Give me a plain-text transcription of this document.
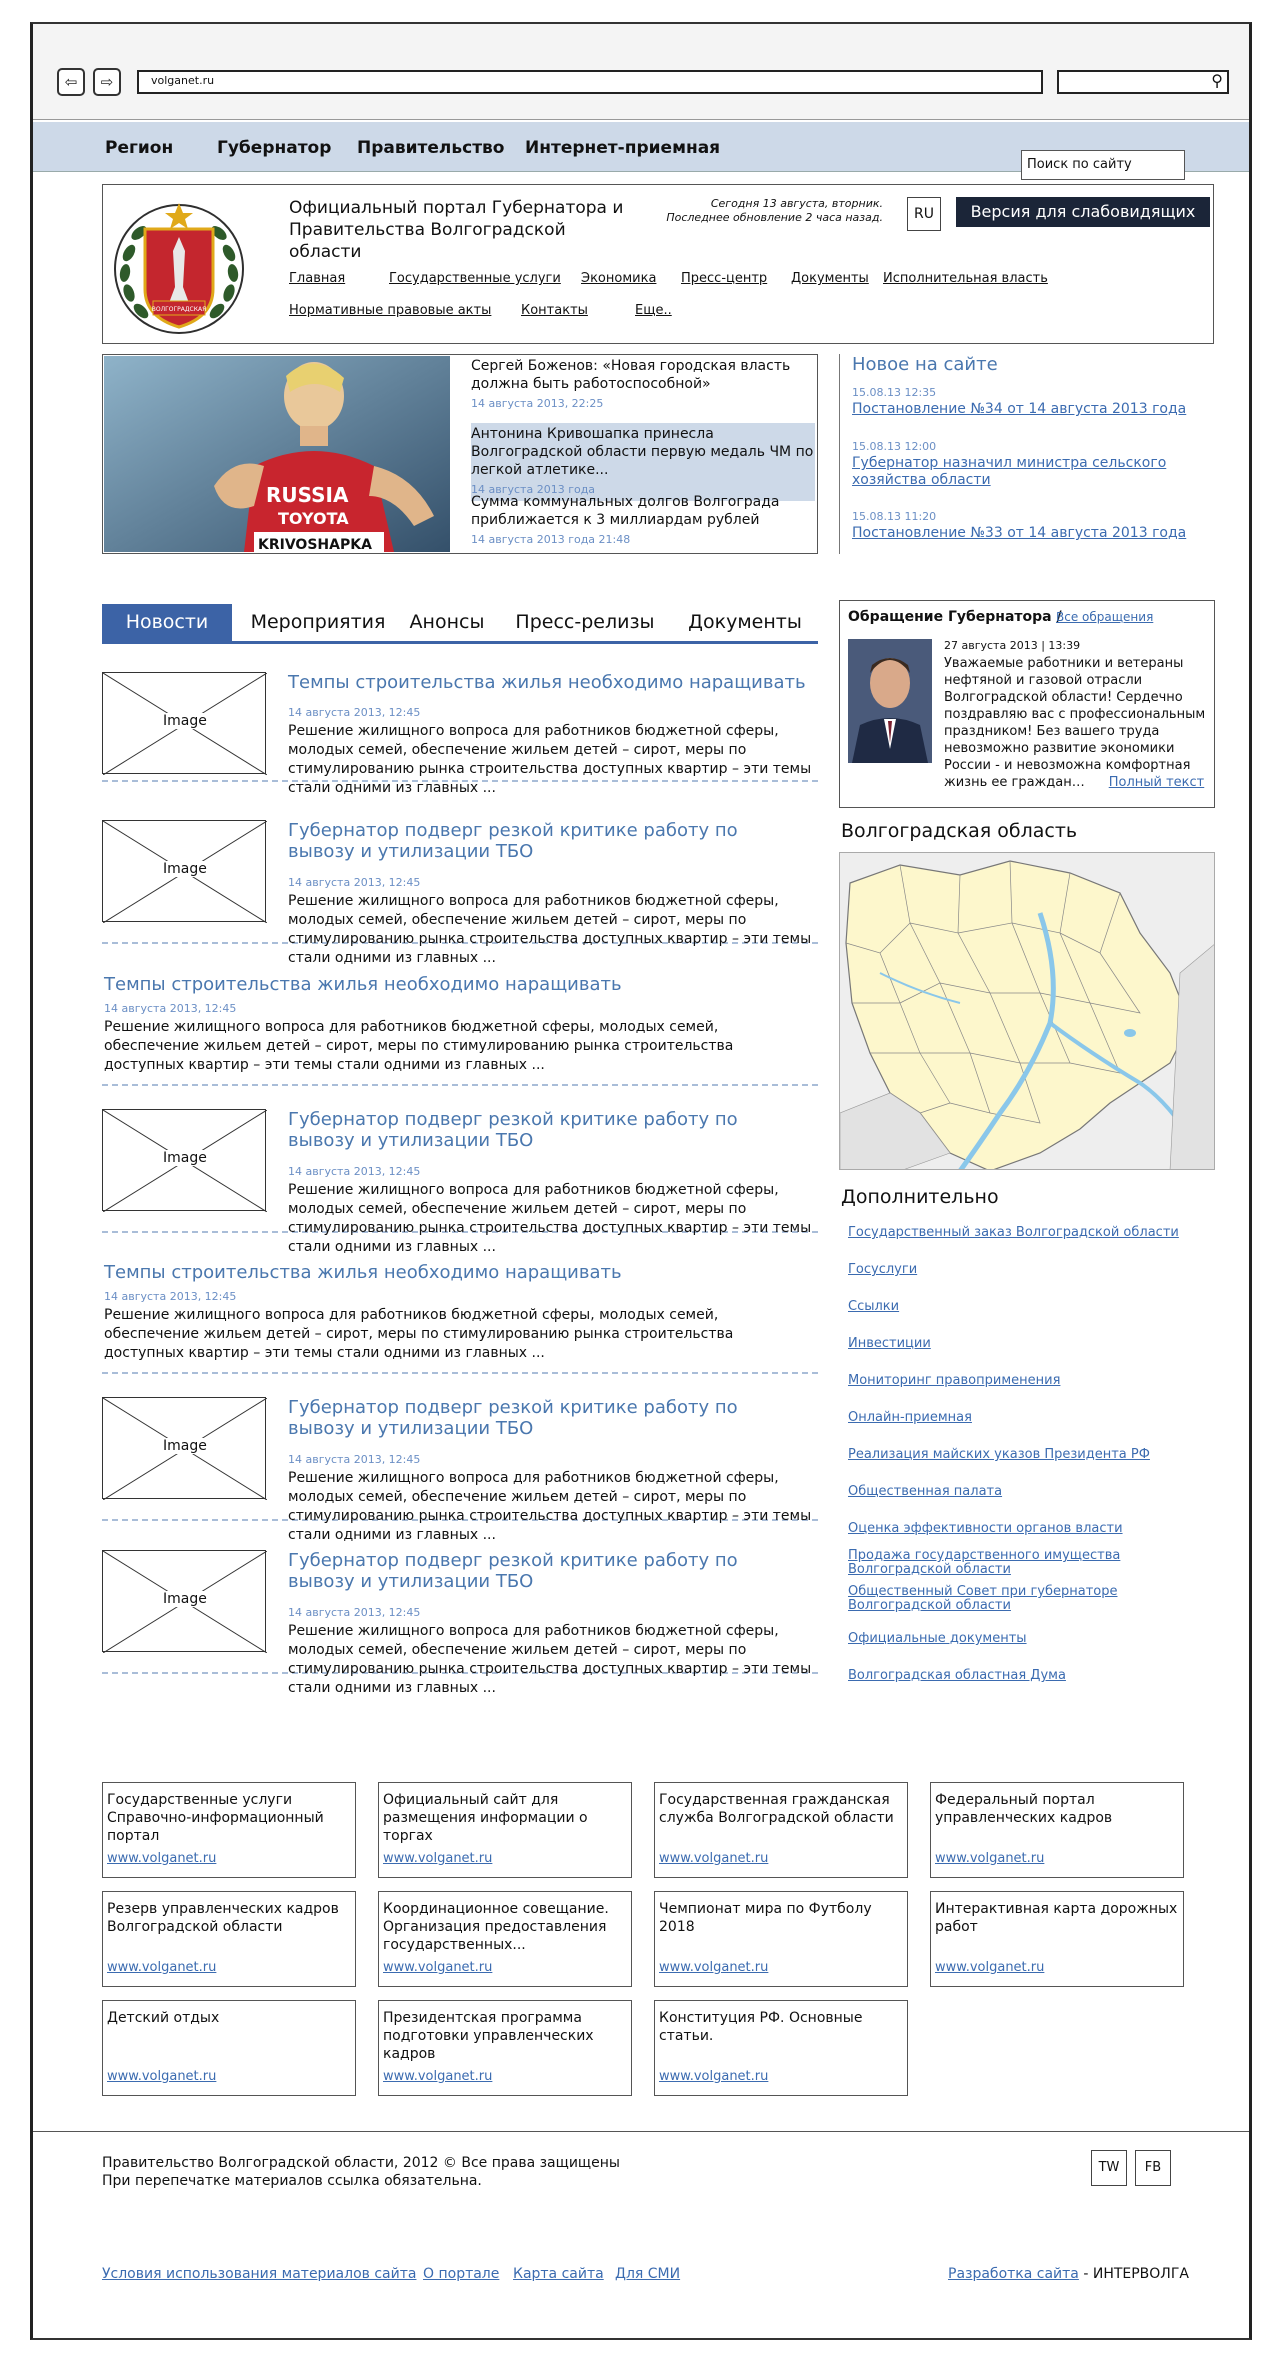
⇦	⇨	volganet.ru	⚲
Регион	Губернатор Правительство Интернет-приемная
Поиск по сайту
ВОЛГОГРАДСКАЯ
Официальный портал Губернатора и Правительства Волгоградской области
Сегодня 13 августа, вторник.
Последнее обновление 2 часа назад.	RU	Версия для слабовидящих
Главная	Государственные услуги Экономика Пресс-центр Документы Исполнительная власть
Нормативные правовые акты Контакты	Еще..
RUSSIA
TOYOTA
KRIVOSHAPKA
Сергей Боженов: «Новая городская власть должна быть работоспособной»
14 августа 2013, 22:25
Антонина Кривошапка принесла Волгоградской области первую медаль ЧМ по легкой атлетике...
14 августа 2013 года
Сумма коммунальных долгов Волгограда приближается к 3 миллиардам рублей
14 августа 2013 года 21:48
Новое на сайте
15.08.13 12:35
Постановление №34 от 14 августа 2013 года
15.08.13 12:00
Губернатор назначил министра сельского хозяйства области
15.08.13 11:20
Постановление №33 от 14 августа 2013 года
Новости	Мероприятия	Анонсы	Пресс-релизы	Документы
Image
Темпы строительства жилья необходимо наращивать
14 августа 2013, 12:45
Решение жилищного вопроса для работников бюджетной сферы, молодых семей, обеспечение жильем детей – сирот, меры по стимулированию рынка строительства доступных квартир – эти темы стали одними из главных ...
Image
Губернатор подверг резкой критике работу по вывозу и утилизации ТБО
14 августа 2013, 12:45
Решение жилищного вопроса для работников бюджетной сферы, молодых семей, обеспечение жильем детей – сирот, меры по стимулированию рынка строительства доступных квартир – эти темы стали одними из главных ...
Темпы строительства жилья необходимо наращивать
14 августа 2013, 12:45
Решение жилищного вопроса для работников бюджетной сферы, молодых семей, обеспечение жильем детей – сирот, меры по стимулированию рынка строительства доступных квартир – эти темы стали одними из главных ...
Image
Губернатор подверг резкой критике работу по вывозу и утилизации ТБО
14 августа 2013, 12:45
Решение жилищного вопроса для работников бюджетной сферы, молодых семей, обеспечение жильем детей – сирот, меры по стимулированию рынка строительства доступных квартир – эти темы стали одними из главных ...
Темпы строительства жилья необходимо наращивать
14 августа 2013, 12:45
Решение жилищного вопроса для работников бюджетной сферы, молодых семей, обеспечение жильем детей – сирот, меры по стимулированию рынка строительства доступных квартир – эти темы стали одними из главных ...
Image
Губернатор подверг резкой критике работу по вывозу и утилизации ТБО
14 августа 2013, 12:45
Решение жилищного вопроса для работников бюджетной сферы, молодых семей, обеспечение жильем детей – сирот, меры по стимулированию рынка строительства доступных квартир – эти темы стали одними из главных ...
Image
Губернатор подверг резкой критике работу по вывозу и утилизации ТБО
14 августа 2013, 12:45
Решение жилищного вопроса для работников бюджетной сферы, молодых семей, обеспечение жильем детей – сирот, меры по стимулированию рынка строительства доступных квартир – эти темы стали одними из главных ...
Обращение Губернатора /
Все обращения
27 августа 2013 | 13:39
Уважаемые работники и ветераны нефтяной и газовой отрасли Волгоградской области! Сердечно поздравляю вас с профессиональным праздником! Без вашего труда невозможно развитие экономики России - и невозможна комфортная жизнь ее граждан… Полный текст
Волгоградская область
Дополнительно
Государственный заказ Волгоградской области
Госуслуги
Ссылки
Инвестиции
Мониторинг правоприменения
Онлайн-приемная
Реализация майских указов Президента РФ
Общественная палата
Оценка эффективности органов власти
Продажа государственного имущества Волгоградской области
Общественный Совет при губернаторе Волгоградской области
Официальные документы
Волгоградская областная Дума
Государственные услуги Справочно-информационный портал
www.volganet.ru
Официальный сайт для размещения информации о торгах
www.volganet.ru
Государственная гражданская служба Волгоградской области
www.volganet.ru
Федеральный портал управленческих кадров
www.volganet.ru
Резерв управленческих кадров Волгоградской области
www.volganet.ru
Координационное совещание. Организация предоставления государственных...
www.volganet.ru
Чемпионат мира по Футболу 2018
www.volganet.ru
Интерактивная карта дорожных работ
www.volganet.ru
Детский отдых
www.volganet.ru
Президентская программа подготовки управленческих кадров
www.volganet.ru
Конституция РФ. Основные статьи.
www.volganet.ru
Правительство Волгоградской области, 2012 © Все права защищены
При перепечатке материалов ссылка обязательна.
TW	FB
Условия использования материалов сайта О портале Карта сайта Для СМИ	Разработка сайта - ИНТЕРВОЛГА
